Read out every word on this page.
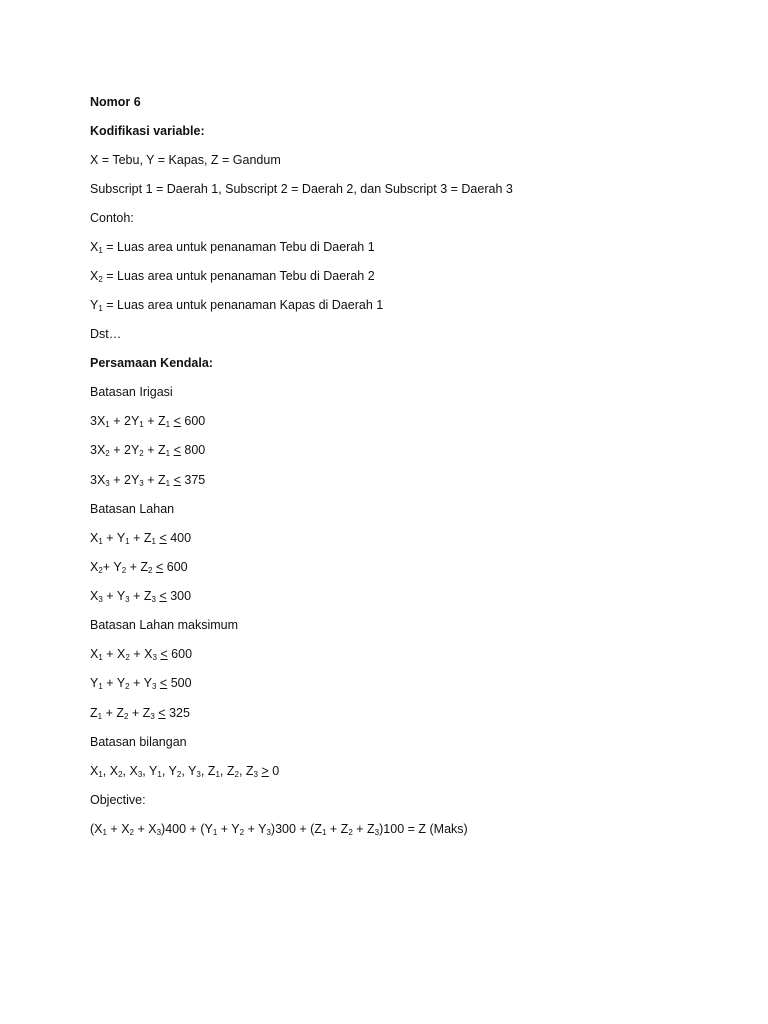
Nomor 6
Kodifikasi variable:
X = Tebu, Y = Kapas, Z = Gandum
Subscript 1 = Daerah 1, Subscript 2 = Daerah 2, dan Subscript 3 = Daerah 3
Contoh:
$X_1$ = Luas area untuk penanaman Tebu di Daerah 1
$X_2$ = Luas area untuk penanaman Tebu di Daerah 2
$Y_1$ = Luas area untuk penanaman Kapas di Daerah 1
Dst…
Persamaan Kendala:
Batasan Irigasi
$3X_1 + 2Y_1 + Z_1 < 600$
$3X_2 + 2Y_2 + Z_1 < 800$
$3X_3 + 2Y_3 + Z_1 < 375$
Batasan Lahan
$X_1 + Y_1 + Z_1 < 400$
$X_2+ Y_2 + Z_2 < 600$
$X_3 + Y_3 + Z_3 < 300$
Batasan Lahan maksimum
$X_1 + X_2 + X_3 < 600$
$Y_1 + Y_2 + Y_3 < 500$
$Z_1 + Z_2 + Z_3 < 325$
Batasan bilangan
$X_1$, $X_2$, $X_3$, $Y_1$, $Y_2$, $Y_3$, $Z_1$, $Z_2$, $Z_3 > 0$
Objective:
$(X_1 + X_2 + X_3)400 + (Y_1 + Y_2 + Y_3)300 + (Z_1 + Z_2 + Z_3)100 = Z$ (Maks)
